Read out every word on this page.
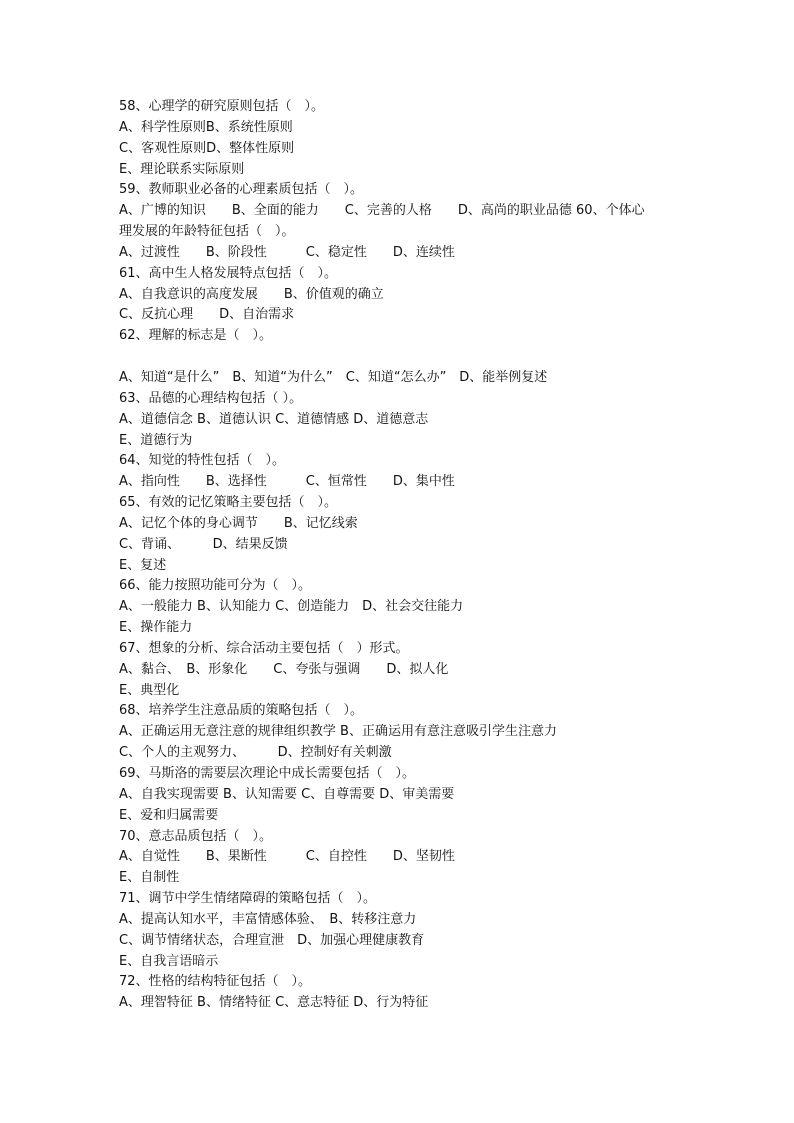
58、心理学的研究原则包括（　）。
A、科学性原则B、系统性原则
C、客观性原则D、整体性原则
E、理论联系实际原则
59、教师职业必备的心理素质包括（　）。
A、广博的知识　　B、全面的能力　　C、完善的人格　　D、高尚的职业品德 60、个体心
理发展的年龄特征包括（　）。
A、过渡性　　B、阶段性　　　C、稳定性　　D、连续性
61、高中生人格发展特点包括（　）。
A、自我意识的高度发展　　B、价值观的确立
C、反抗心理　　D、自治需求
62、理解的标志是（　）。
A、知道“是什么”　B、知道“为什么”　C、知道“怎么办”　D、能举例复述
63、品德的心理结构包括（ ）。
A、道德信念 B、道德认识 C、道德情感 D、道德意志
E、道德行为
64、知觉的特性包括（　）。
A、指向性　　B、选择性　　　C、恒常性　　D、集中性
65、有效的记忆策略主要包括（　）。
A、记忆个体的身心调节　　B、记忆线索
C、背诵、　　　D、结果反馈
E、复述
66、能力按照功能可分为（　）。
A、一般能力 B、认知能力 C、创造能力　D、社会交往能力
E、操作能力
67、想象的分析、综合活动主要包括（　）形式。
A、黏合、　B、形象化　　C、夸张与强调　　D、拟人化
E、典型化
68、培养学生注意品质的策略包括（　）。
A、正确运用无意注意的规律组织教学 B、正确运用有意注意吸引学生注意力
C、个人的主观努力、　　　D、控制好有关刺激
69、马斯洛的需要层次理论中成长需要包括（　）。
A、自我实现需要 B、认知需要 C、自尊需要 D、审美需要
E、爱和归属需要
70、意志品质包括（　）。
A、自觉性　　B、果断性　　　C、自控性　　D、坚韧性
E、自制性
71、调节中学生情绪障碍的策略包括（　）。
A、提高认知水平，丰富情感体验、　B、转移注意力
C、调节情绪状态，合理宣泄　D、加强心理健康教育
E、自我言语暗示
72、性格的结构特征包括（　）。
A、理智特征 B、情绪特征 C、意志特征 D、行为特征
